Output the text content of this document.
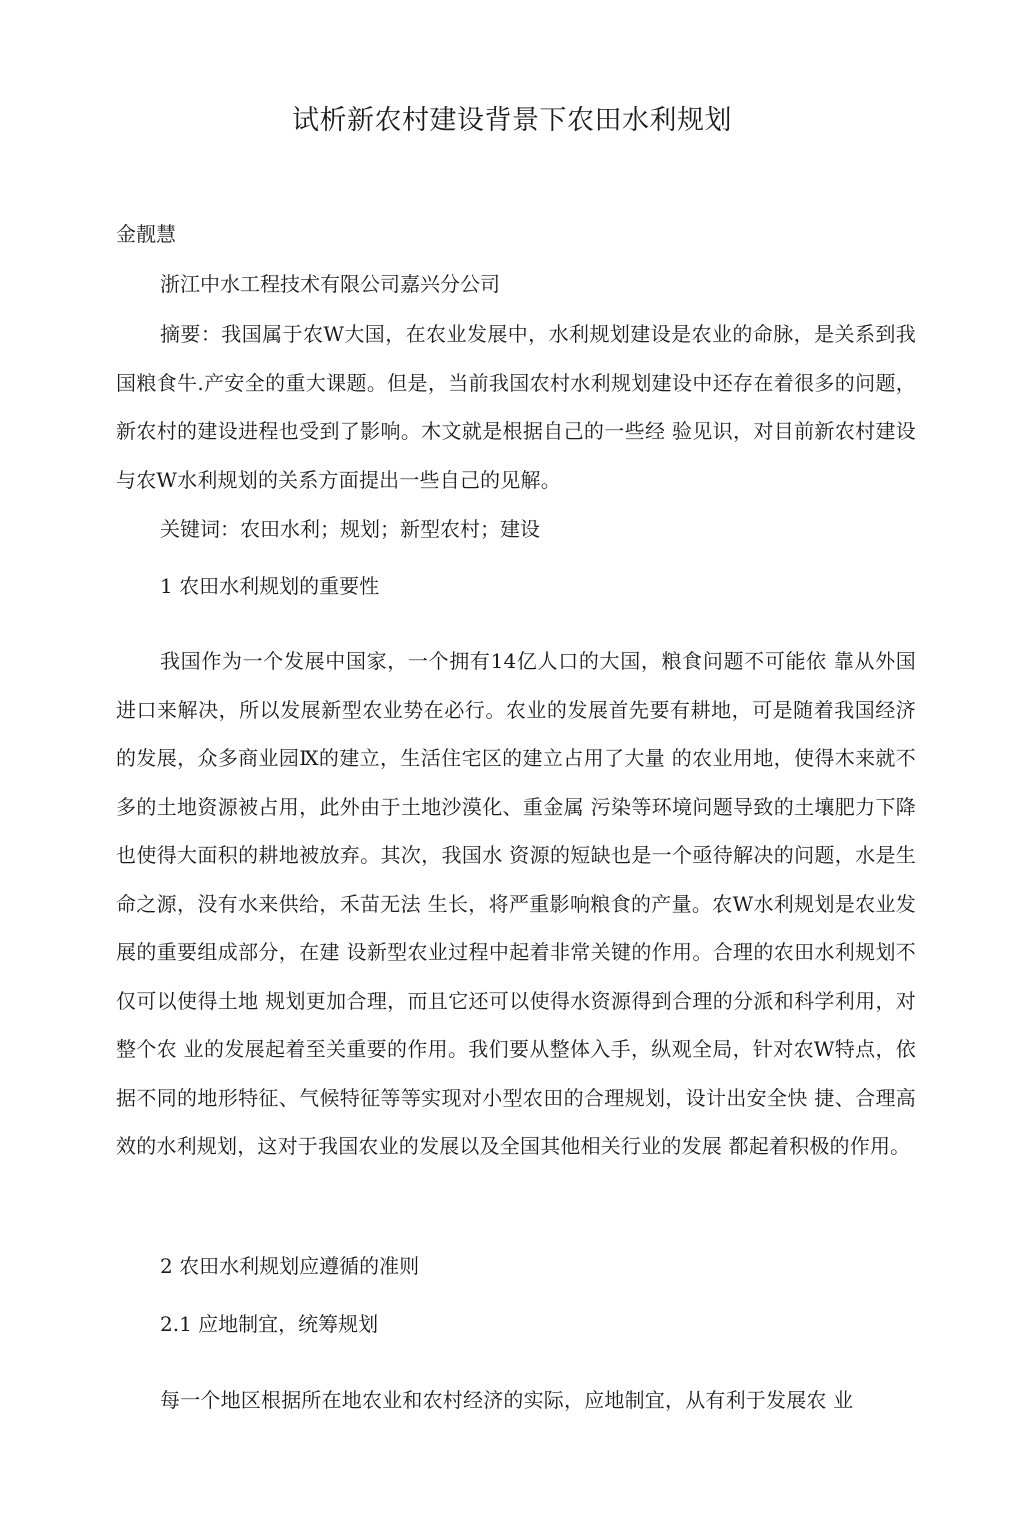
试析新农村建设背景下农田水利规划

金靓慧

浙江中水工程技术有限公司嘉兴分公司

摘要：我国属于农W大国，在农业发展中，水利规划建设是农业的命脉，是关系到我国粮食牛.产安全的重大课题。但是，当前我国农村水利规划建设中还存在着很多的问题，新农村的建设进程也受到了影响。木文就是根据自己的一些经 验见识，对目前新农村建设与农W水利规划的关系方面提出一些自己的见解。

关键词：农田水利；规划；新型农村；建设

1 农田水利规划的重要性

我国作为一个发展中国家，一个拥有14亿人口的大国，粮食问题不可能依 靠从外国进口来解决，所以发展新型农业势在必行。农业的发展首先要有耕地，可是随着我国经济的发展，众多商业园Ⅸ的建立，生活住宅区的建立占用了大量 的农业用地，使得木来就不多的土地资源被占用，此外由于土地沙漠化、重金属 污染等环境问题导致的土壤肥力下降也使得大面积的耕地被放弃。其次，我国水 资源的短缺也是一个亟待解决的问题，水是生命之源，没有水来供给，禾苗无法 生长，将严重影响粮食的产量。农W水利规划是农业发展的重要组成部分，在建 设新型农业过程中起着非常关键的作用。合理的农田水利规划不仅可以使得土地 规划更加合理，而且它还可以使得水资源得到合理的分派和科学利用，对整个农 业的发展起着至关重要的作用。我们要从整体入手，纵观全局，针对农W特点，依据不同的地形特征、气候特征等等实现对小型农田的合理规划，设计出安全快 捷、合理高效的水利规划，这对于我国农业的发展以及全国其他相关行业的发展 都起着积极的作用。

2 农田水利规划应遵循的准则

2.1 应地制宜，统筹规划

每一个地区根据所在地农业和农村经济的实际，应地制宜，从有利于发展农 业
